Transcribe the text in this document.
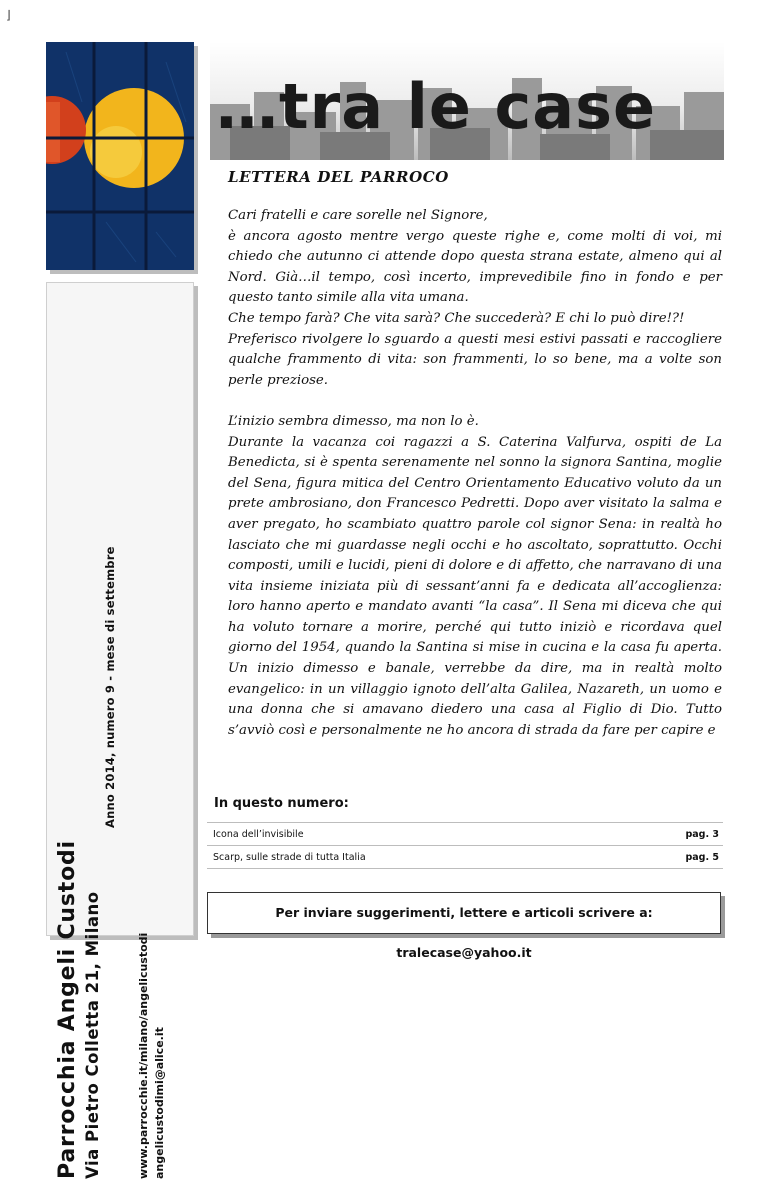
⌋
Anno 2014, numero 9 - mese di settembre
Parrocchia Angeli Custodi Via Pietro Colletta 21, Milano	www.parrocchie.it/milano/angelicustodi angelicustodimi@alice.it
…tra le case
LETTERA DEL PARROCO
Cari fratelli e care sorelle nel Signore,
è ancora agosto mentre vergo queste righe e, come molti di voi, mi chiedo che autunno ci attende dopo questa strana estate, almeno qui al Nord. Già…il tempo, così incerto, imprevedibile fino in fondo e per questo tanto simile alla vita umana.
Che tempo farà? Che vita sarà? Che succederà? E chi lo può dire!?!

Preferisco rivolgere lo sguardo a questi mesi estivi passati e raccogliere qualche frammento di vita: son frammenti, lo so bene, ma a volte son perle preziose.

L’inizio sembra dimesso, ma non lo è.
Durante la vacanza coi ragazzi a S. Caterina Valfurva, ospiti de La Benedicta, si è spenta serenamente nel sonno la signora Santina, moglie del Sena, figura mitica del Centro Orientamento Educativo voluto da un prete ambrosiano, don Francesco Pedretti. Dopo aver visitato la salma e aver pregato, ho scambiato quattro parole col signor Sena: in realtà ho lasciato che mi guardasse negli occhi e ho ascoltato, soprattutto. Occhi composti, umili e lucidi, pieni di dolore e di affetto, che narravano di una vita insieme iniziata più di sessant’anni fa e dedicata all’accoglienza: loro hanno aperto e mandato avanti “la casa”. Il Sena mi diceva che qui ha voluto tornare a morire, perché qui tutto iniziò e ricordava quel giorno del 1954, quando la Santina si mise in cucina e la casa fu aperta. Un inizio dimesso e banale, verrebbe da dire, ma in realtà molto evangelico: in un villaggio ignoto dell’alta Galilea, Nazareth, un uomo e una donna che si amavano diedero una casa al Figlio di Dio. Tutto s’avviò così e personalmente ne ho ancora di strada da fare per capire e
In questo numero:
Icona dell’invisibile	pag. 3
Scarp, sulle strade di tutta Italia	pag. 5
Per inviare suggerimenti, lettere e articoli scrivere a: tralecase@yahoo.it
